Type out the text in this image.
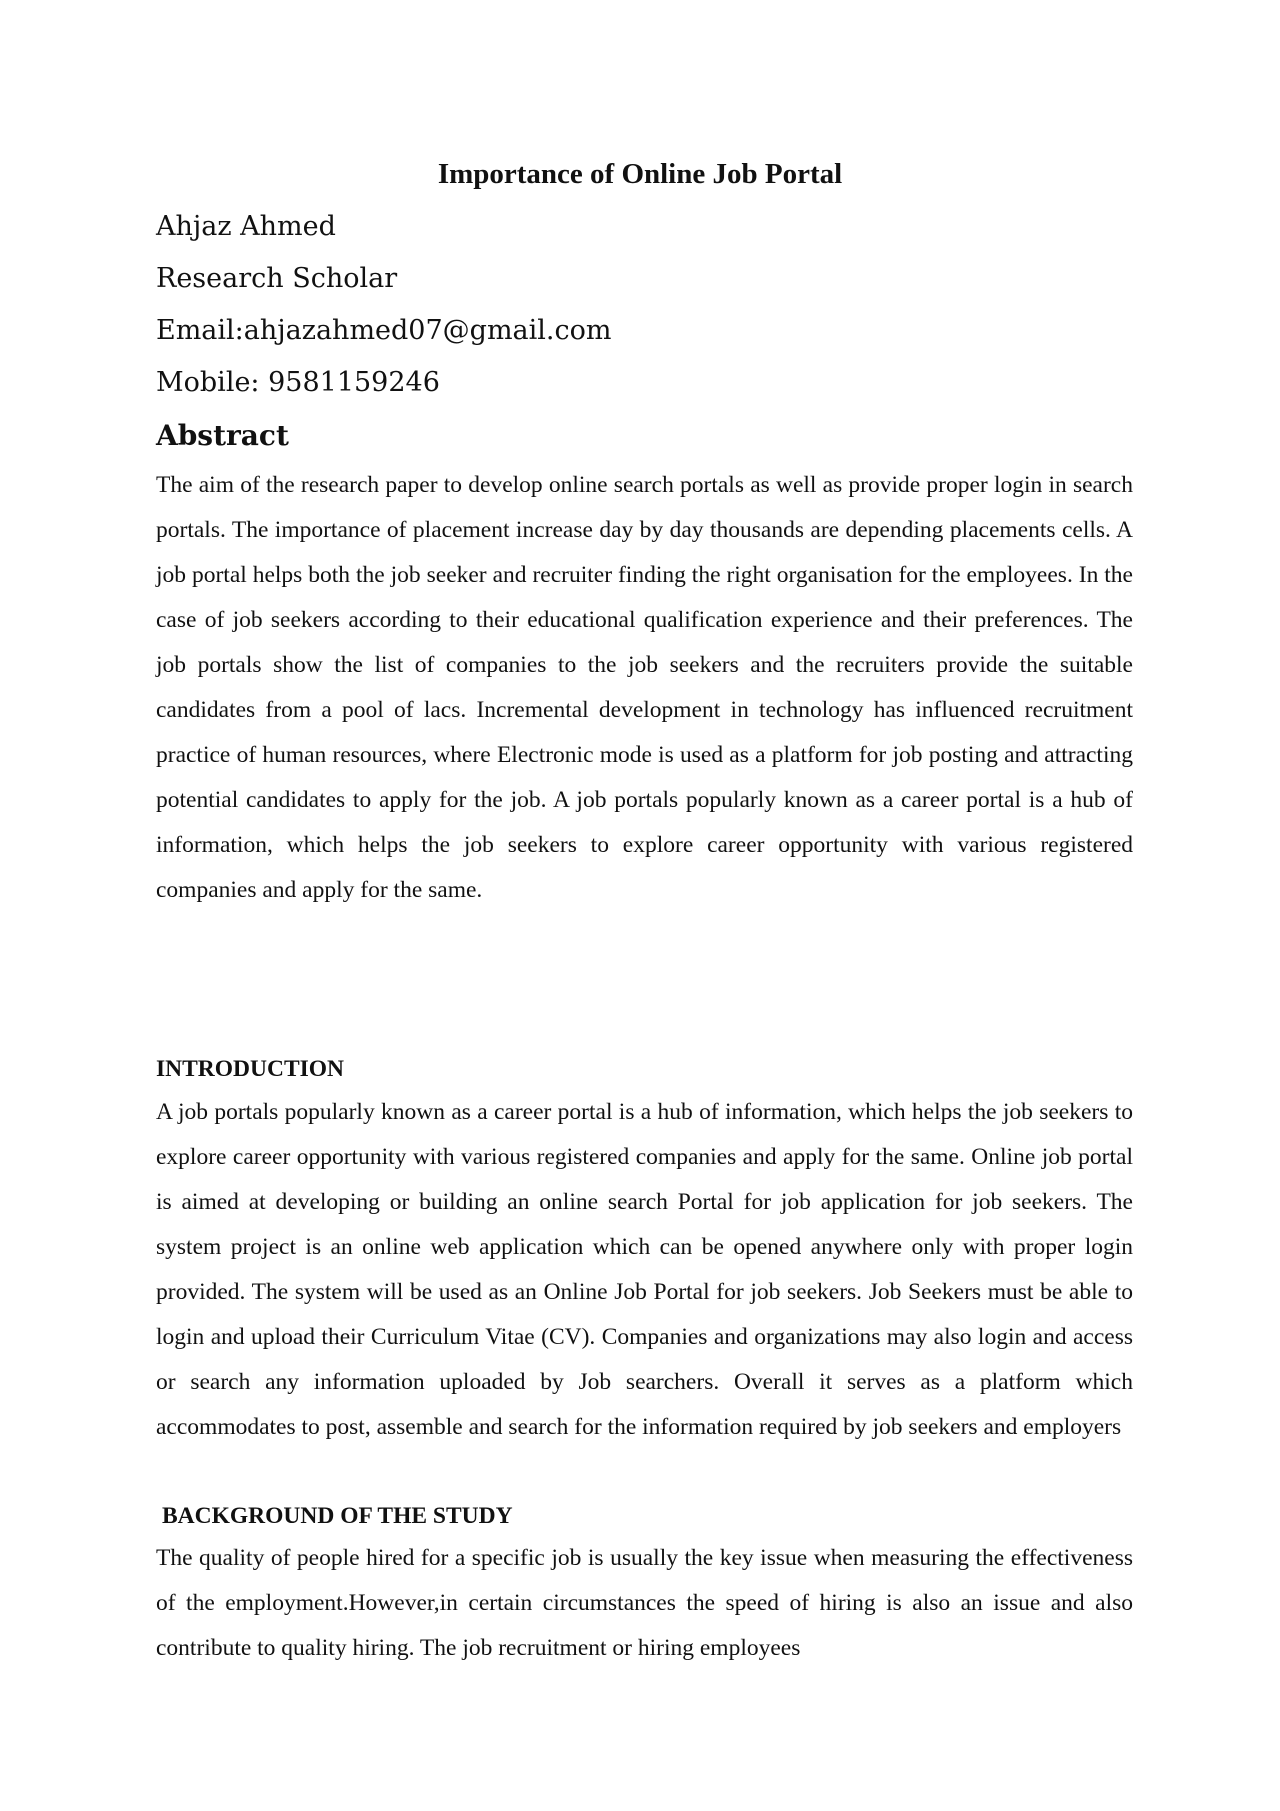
Importance of Online Job Portal
Ahjaz Ahmed
Research Scholar
Email:ahjazahmed07@gmail.com
Mobile: 9581159246
Abstract

The aim of the research paper to develop online search portals as well as provide proper login in search portals. The importance of placement increase day by day thousands are depending placements cells. A job portal helps both the job seeker and recruiter finding the right organisation for the employees. In the case of job seekers according to their educational qualification experience and their preferences. The job portals show the list of companies to the job seekers and the recruiters provide the suitable candidates from a pool of lacs. Incremental development in technology has influenced recruitment practice of human resources, where Electronic mode is used as a platform for job posting and attracting potential candidates to apply for the job. A job portals popularly known as a career portal is a hub of information, which helps the job seekers to explore career opportunity with various registered companies and apply for the same.

INTRODUCTION

A job portals popularly known as a career portal is a hub of information, which helps the job seekers to explore career opportunity with various registered companies and apply for the same. Online job portal is aimed at developing or building an online search Portal for job application for job seekers. The system project is an online web application which can be opened anywhere only with proper login provided. The system will be used as an Online Job Portal for job seekers. Job Seekers must be able to login and upload their Curriculum Vitae (CV). Companies and organizations may also login and access or search any information uploaded by Job searchers. Overall it serves as a platform which accommodates to post, assemble and search for the information required by job seekers and employers

BACKGROUND OF THE STUDY

The quality of people hired for a specific job is usually the key issue when measuring the effectiveness of the employment.However,in certain circumstances the speed of hiring is also an issue and also contribute to quality hiring. The job recruitment or hiring employees
